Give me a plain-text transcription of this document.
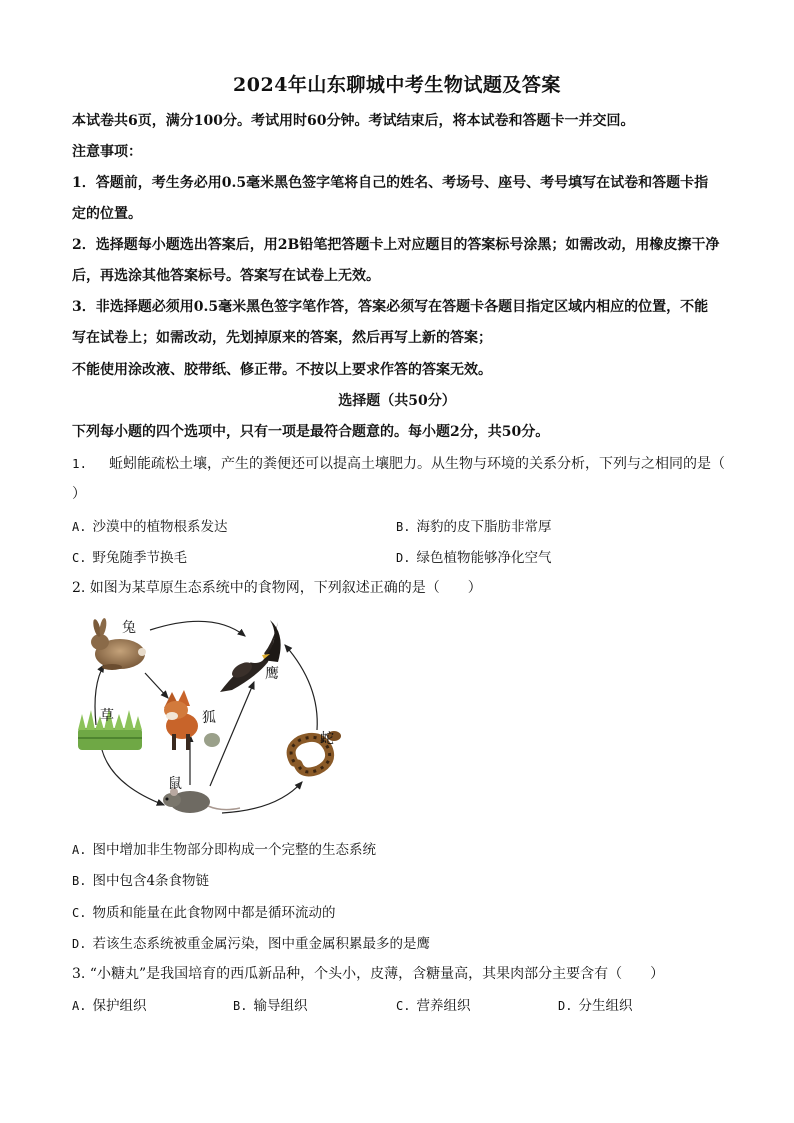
2024年山东聊城中考生物试题及答案
本试卷共6页，满分100分。考试用时60分钟。考试结束后，将本试卷和答题卡一并交回。
注意事项：
1．答题前，考生务必用0.5毫米黑色签字笔将自己的姓名、考场号、座号、考号填写在试卷和答题卡指
定的位置。
2．选择题每小题选出答案后，用2B铅笔把答题卡上对应题目的答案标号涂黑；如需改动，用橡皮擦干净
后，再选涂其他答案标号。答案写在试卷上无效。
3．非选择题必须用0.5毫米黑色签字笔作答，答案必须写在答题卡各题目指定区域内相应的位置，不能
写在试卷上；如需改动，先划掉原来的答案，然后再写上新的答案；
不能使用涂改液、胶带纸、修正带。不按以上要求作答的答案无效。
选择题（共50分）
下列每小题的四个选项中，只有一项是最符合题意的。每小题2分，共50分。
1. 蚯蚓能疏松土壤，产生的粪便还可以提高土壤肥力。从生物与环境的关系分析，下列与之相同的是（
）
A. 沙漠中的植物根系发达	B. 海豹的皮下脂肪非常厚
C. 野兔随季节换毛	D. 绿色植物能够净化空气
2. 如图为某草原生态系统中的食物网，下列叙述正确的是（　　）
兔
鹰
草	狐
蛇
鼠
A. 图中增加非生物部分即构成一个完整的生态系统
B. 图中包含4条食物链
C. 物质和能量在此食物网中都是循环流动的
D. 若该生态系统被重金属污染，图中重金属积累最多的是鹰
3. “小糖丸”是我国培育的西瓜新品种，个头小，皮薄，含糖量高，其果肉部分主要含有（　　）
A. 保护组织	B. 输导组织	C. 营养组织	D. 分生组织
